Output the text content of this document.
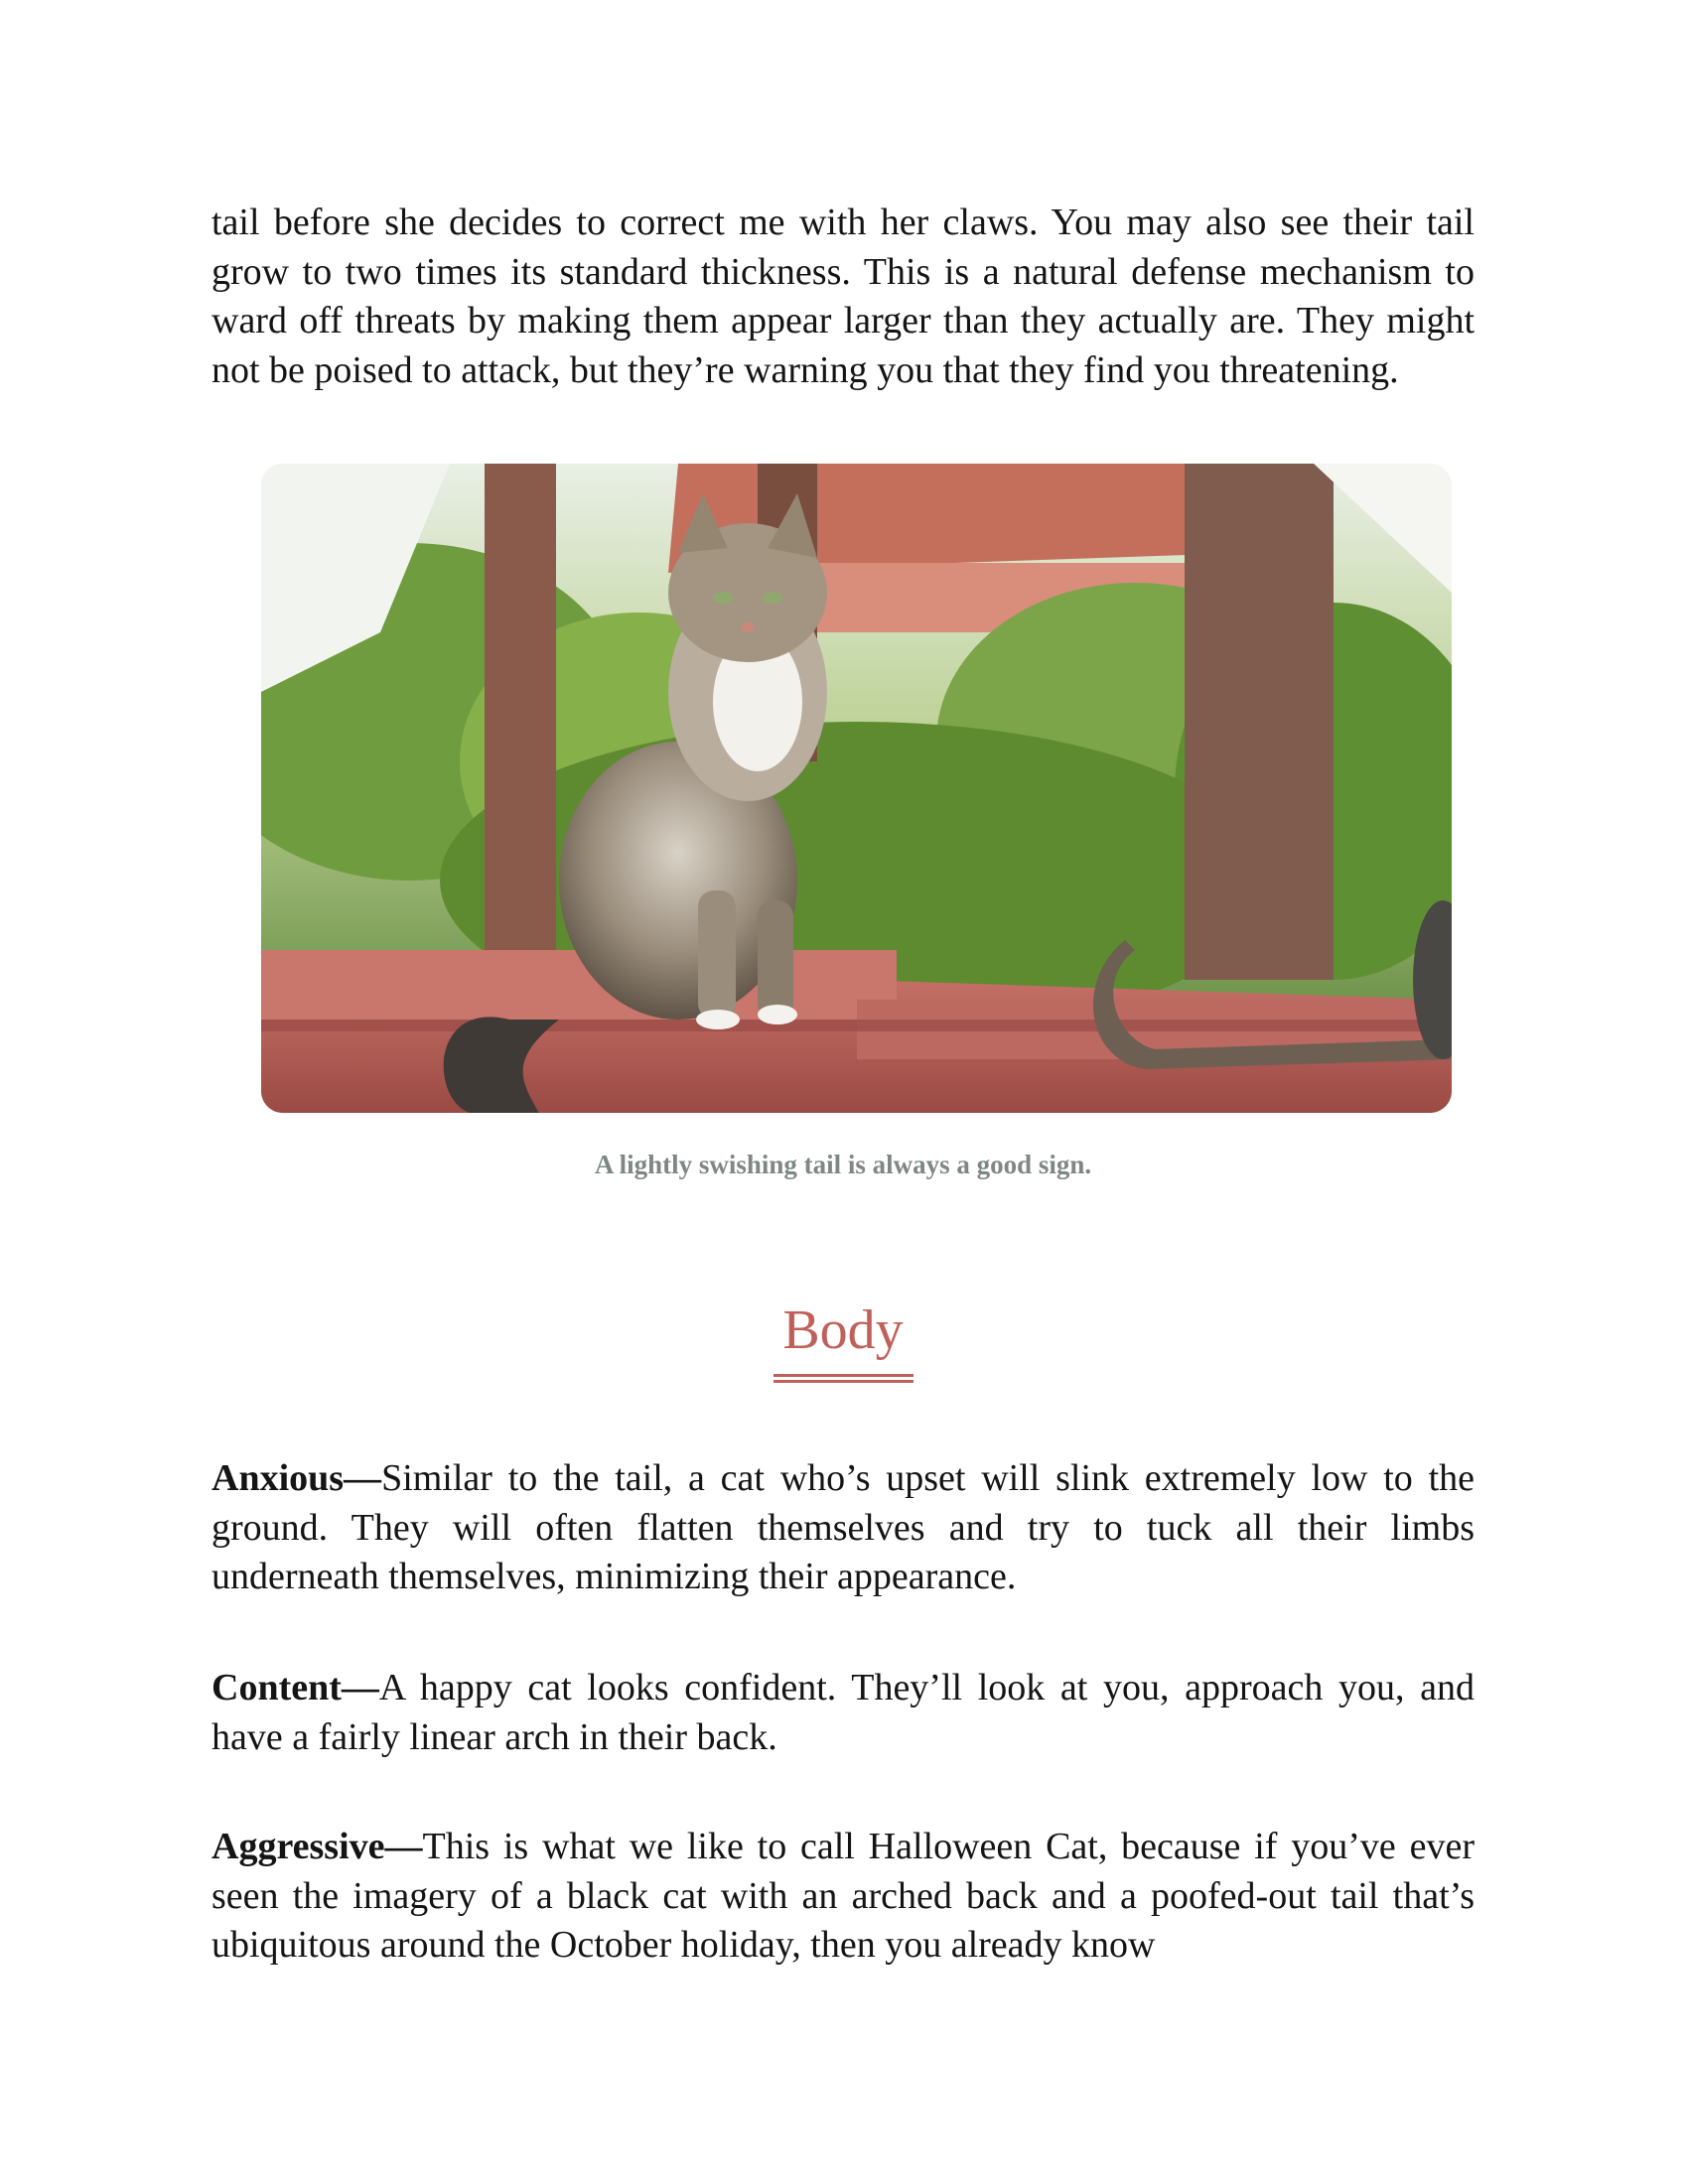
tail before she decides to correct me with her claws. You may also see their tail grow to two times its standard thickness. This is a natural defense mechanism to ward off threats by making them appear larger than they actually are. They might not be poised to attack, but they’re warning you that they find you threatening.

A lightly swishing tail is always a good sign.
Body

Anxious—Similar to the tail, a cat who’s upset will slink extremely low to the ground. They will often flatten themselves and try to tuck all their limbs underneath themselves, minimizing their appearance.

Content—A happy cat looks confident. They’ll look at you, approach you, and have a fairly linear arch in their back.

Aggressive—This is what we like to call Halloween Cat, because if you’ve ever seen the imagery of a black cat with an arched back and a poofed-out tail that’s ubiquitous around the October holiday, then you already know
